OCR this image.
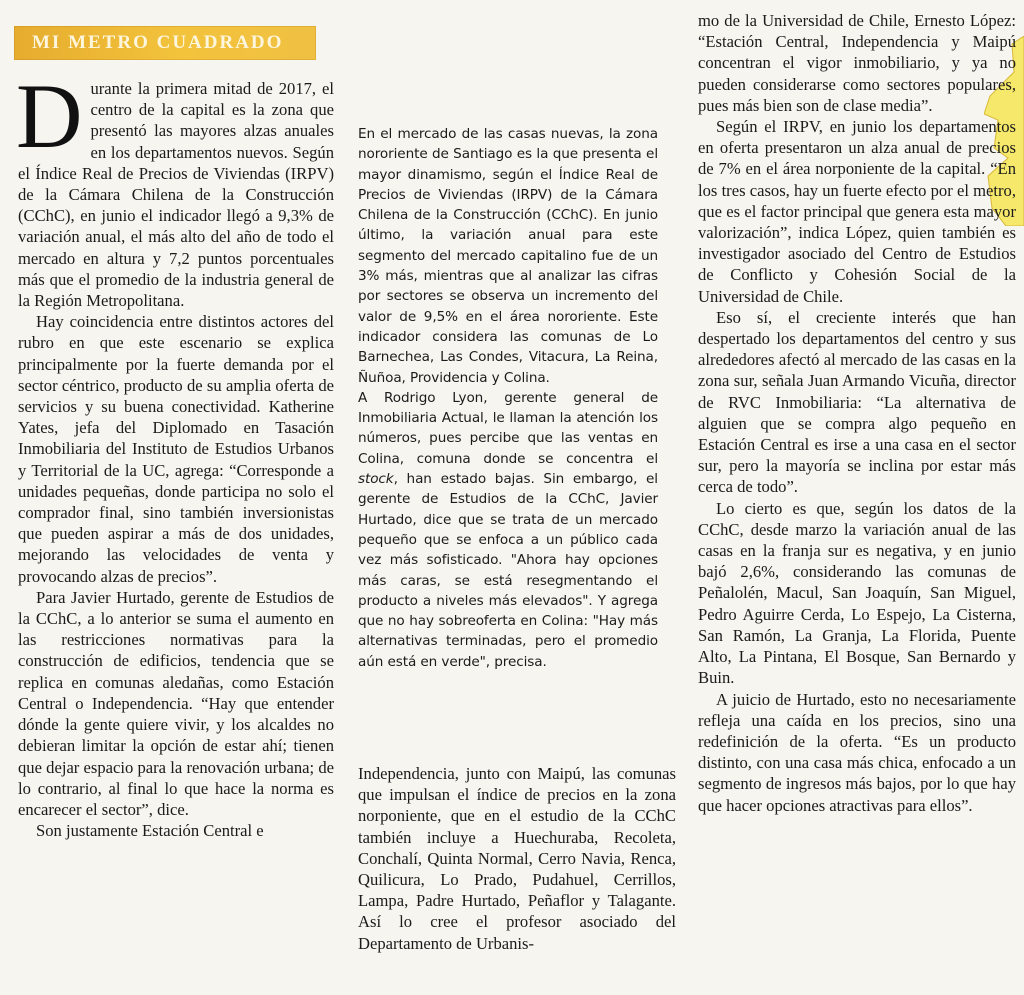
MI METRO CUADRADO

D urante la primera mitad de 2017, el centro de la capital es la zona que presentó las mayores alzas anuales en los departamentos nuevos. Según el Índice Real de Precios de Viviendas (IRPV) de la Cámara Chilena de la Construcción (CChC), en junio el indicador llegó a 9,3% de variación anual, el más alto del año de todo el mercado en altura y 7,2 puntos porcentuales más que el promedio de la industria general de la Región Metropolitana.

Hay coincidencia entre distintos actores del rubro en que este escenario se explica principalmente por la fuerte demanda por el sector céntrico, producto de su amplia oferta de servicios y su buena conectividad. Katherine Yates, jefa del Diplomado en Tasación Inmobiliaria del Instituto de Estudios Urbanos y Territorial de la UC, agrega: “Corresponde a unidades pequeñas, donde participa no solo el comprador final, sino también inversionistas que pueden aspirar a más de dos unidades, mejorando las velocidades de venta y provocando alzas de precios”.

Para Javier Hurtado, gerente de Estudios de la CChC, a lo anterior se suma el aumento en las restricciones normativas para la construcción de edificios, tendencia que se replica en comunas aledañas, como Estación Central o Independencia. “Hay que entender dónde la gente quiere vivir, y los alcaldes no debieran limitar la opción de estar ahí; tienen que dejar espacio para la renovación urbana; de lo contrario, al final lo que hace la norma es encarecer el sector”, dice.

Son justamente Estación Central e

En el mercado de las casas nuevas, la zona nororiente de Santiago es la que presenta el mayor dinamismo, según el Índice Real de Precios de Viviendas (IRPV) de la Cámara Chilena de la Construcción (CChC). En junio último, la variación anual para este segmento del mercado capitalino fue de un 3% más, mientras que al analizar las cifras por sectores se observa un incremento del valor de 9,5% en el área nororiente. Este indicador considera las comunas de Lo Barnechea, Las Condes, Vitacura, La Reina, Ñuñoa, Providencia y Colina.

A Rodrigo Lyon, gerente general de Inmobiliaria Actual, le llaman la atención los números, pues percibe que las ventas en Colina, comuna donde se concentra el stock, han estado bajas. Sin embargo, el gerente de Estudios de la CChC, Javier Hurtado, dice que se trata de un mercado pequeño que se enfoca a un público cada vez más sofisticado. "Ahora hay opciones más caras, se está resegmentando el producto a niveles más elevados". Y agrega que no hay sobreoferta en Colina: "Hay más alternativas terminadas, pero el promedio aún está en verde", precisa.

Independencia, junto con Maipú, las comunas que impulsan el índice de precios en la zona norponiente, que en el estudio de la CChC también incluye a Huechuraba, Recoleta, Conchalí, Quinta Normal, Cerro Navia, Renca, Quilicura, Lo Prado, Pudahuel, Cerrillos, Lampa, Padre Hurtado, Peñaflor y Talagante. Así lo cree el profesor asociado del Departamento de Urbanis-

mo de la Universidad de Chile, Ernesto López: “Estación Central, Independencia y Maipú concentran el vigor inmobiliario, y ya no pueden considerarse como sectores populares, pues más bien son de clase media”.

Según el IRPV, en junio los departamentos en oferta presentaron un alza anual de precios de 7% en el área norponiente de la capital. “En los tres casos, hay un fuerte efecto por el metro, que es el factor principal que genera esta mayor valorización”, indica López, quien también es investigador asociado del Centro de Estudios de Conflicto y Cohesión Social de la Universidad de Chile.

Eso sí, el creciente interés que han despertado los departamentos del centro y sus alrededores afectó al mercado de las casas en la zona sur, señala Juan Armando Vicuña, director de RVC Inmobiliaria: “La alternativa de alguien que se compra algo pequeño en Estación Central es irse a una casa en el sector sur, pero la mayoría se inclina por estar más cerca de todo”.

Lo cierto es que, según los datos de la CChC, desde marzo la variación anual de las casas en la franja sur es negativa, y en junio bajó 2,6%, considerando las comunas de Peñalolén, Macul, San Joaquín, San Miguel, Pedro Aguirre Cerda, Lo Espejo, La Cisterna, San Ramón, La Granja, La Florida, Puente Alto, La Pintana, El Bosque, San Bernardo y Buin.

A juicio de Hurtado, esto no necesariamente refleja una caída en los precios, sino una redefinición de la oferta. “Es un producto distinto, con una casa más chica, enfocado a un segmento de ingresos más bajos, por lo que hay que hacer opciones atractivas para ellos”.
